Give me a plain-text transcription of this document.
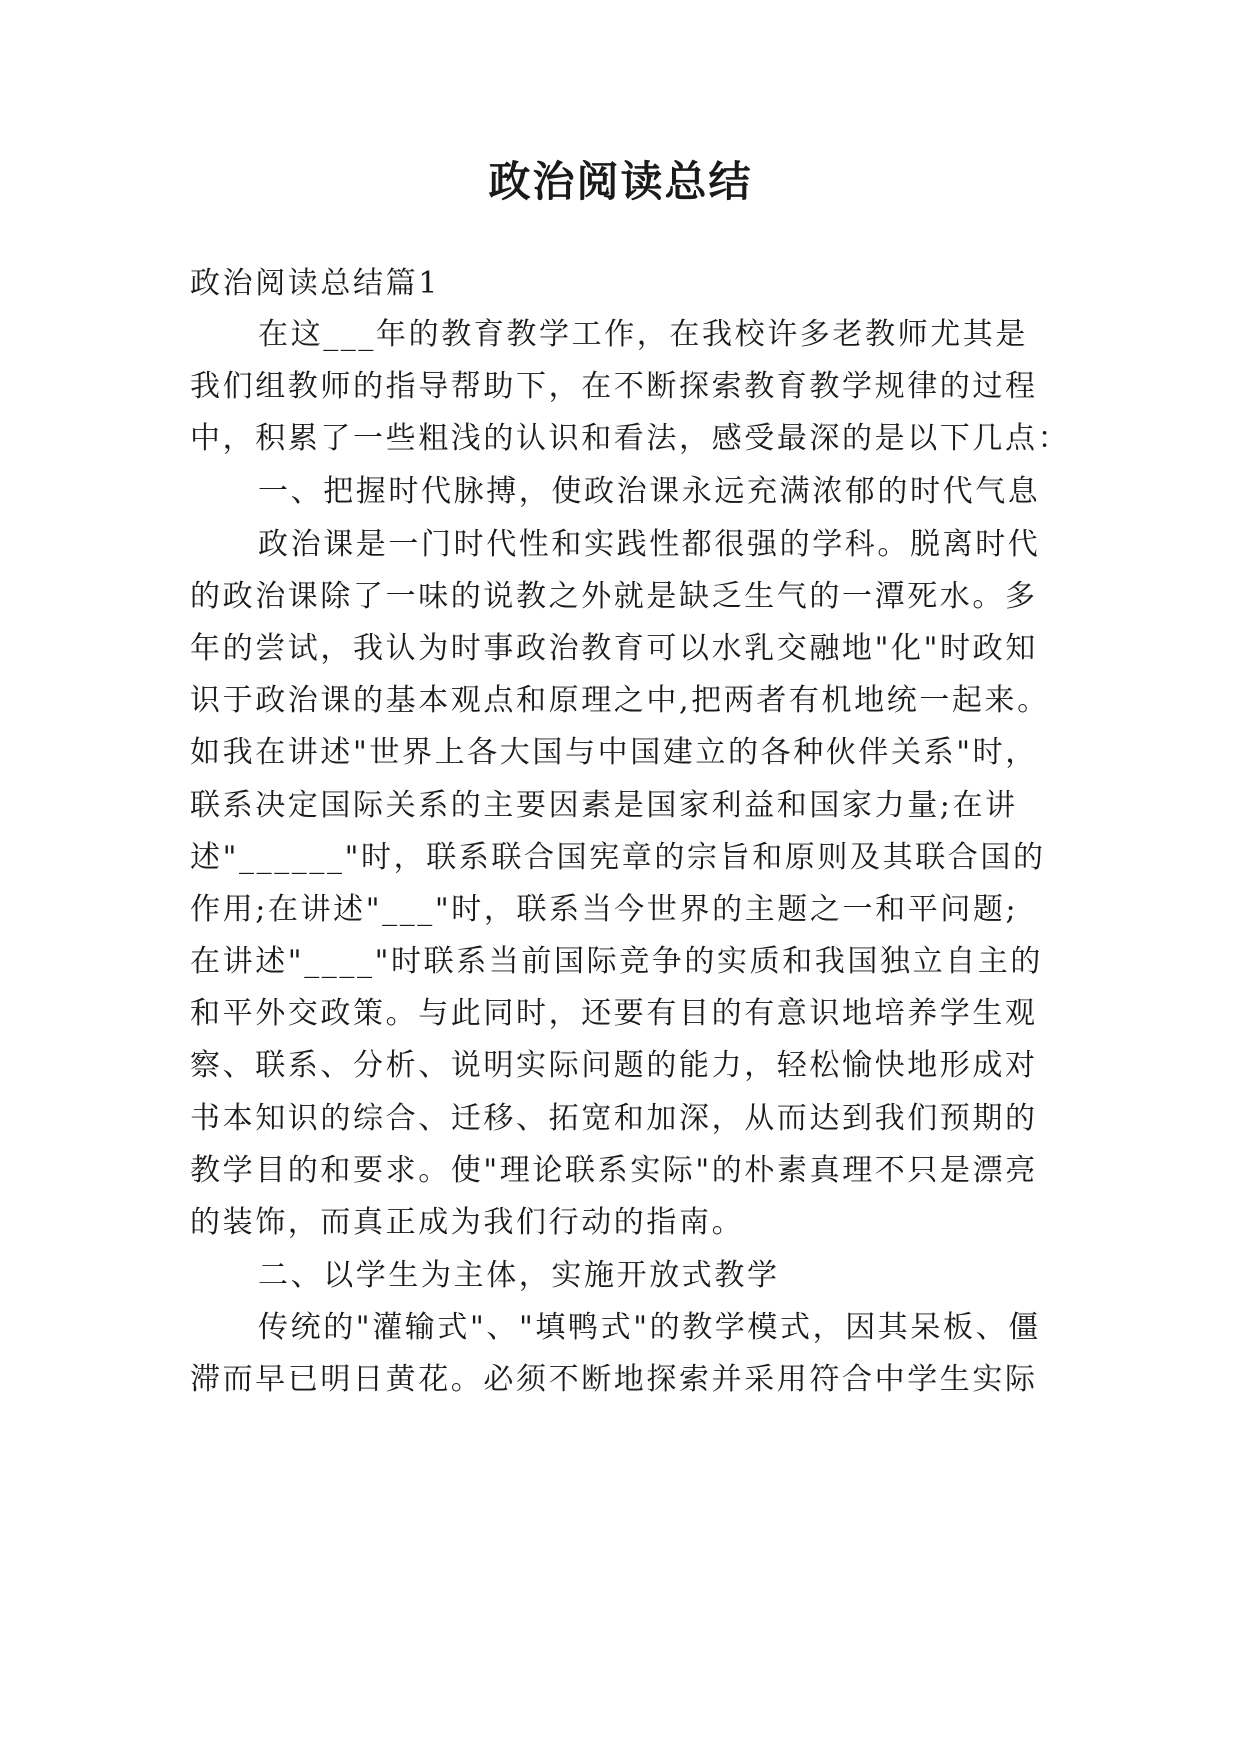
政治阅读总结
政治阅读总结篇1
在这___年的教育教学工作，在我校许多老教师尤其是
我们组教师的指导帮助下，在不断探索教育教学规律的过程
中，积累了一些粗浅的认识和看法，感受最深的是以下几点：
一、把握时代脉搏，使政治课永远充满浓郁的时代气息
政治课是一门时代性和实践性都很强的学科。脱离时代
的政治课除了一味的说教之外就是缺乏生气的一潭死水。多
年的尝试，我认为时事政治教育可以水乳交融地"化"时政知
识于政治课的基本观点和原理之中,把两者有机地统一起来。
如我在讲述"世界上各大国与中国建立的各种伙伴关系"时，
联系决定国际关系的主要因素是国家利益和国家力量;在讲
述"______"时，联系联合国宪章的宗旨和原则及其联合国的
作用;在讲述"___"时，联系当今世界的主题之一和平问题;
在讲述"____"时联系当前国际竞争的实质和我国独立自主的
和平外交政策。与此同时，还要有目的有意识地培养学生观
察、联系、分析、说明实际问题的能力，轻松愉快地形成对
书本知识的综合、迁移、拓宽和加深，从而达到我们预期的
教学目的和要求。使"理论联系实际"的朴素真理不只是漂亮
的装饰，而真正成为我们行动的指南。
二、以学生为主体，实施开放式教学
传统的"灌输式"、"填鸭式"的教学模式，因其呆板、僵
滞而早已明日黄花。必须不断地探索并采用符合中学生实际
